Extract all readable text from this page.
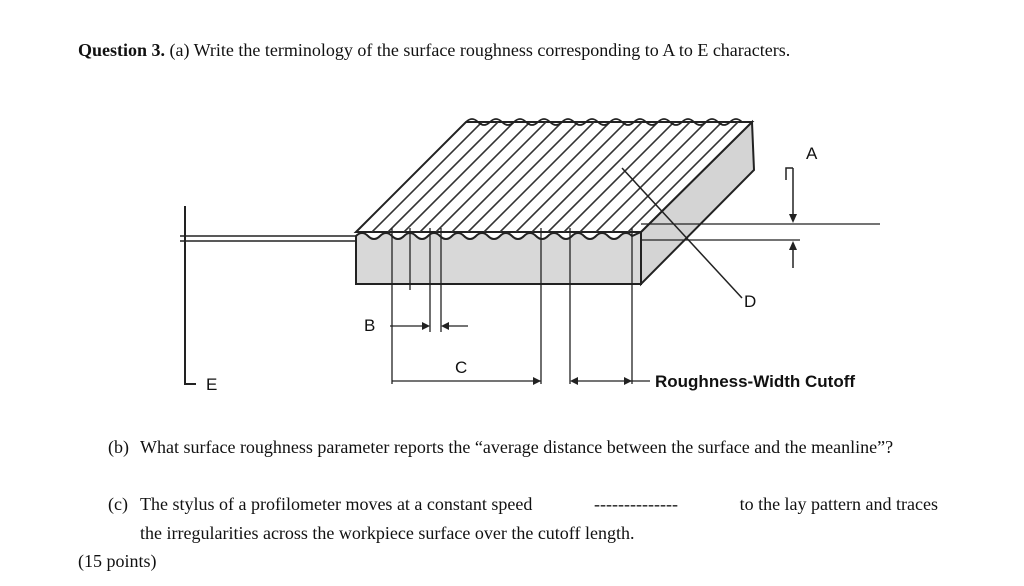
Question 3. (a) Write the terminology of the surface roughness corresponding to A to E characters.
A
B
C
D
E	Roughness-Width Cutoff
(b) What surface roughness parameter reports the “average distance between the surface and the meanline”?
(c) The stylus of a profilometer moves at a constant speed	--------------	to the lay pattern and traces
the irregularities across the workpiece surface over the cutoff length.
(15 points)
